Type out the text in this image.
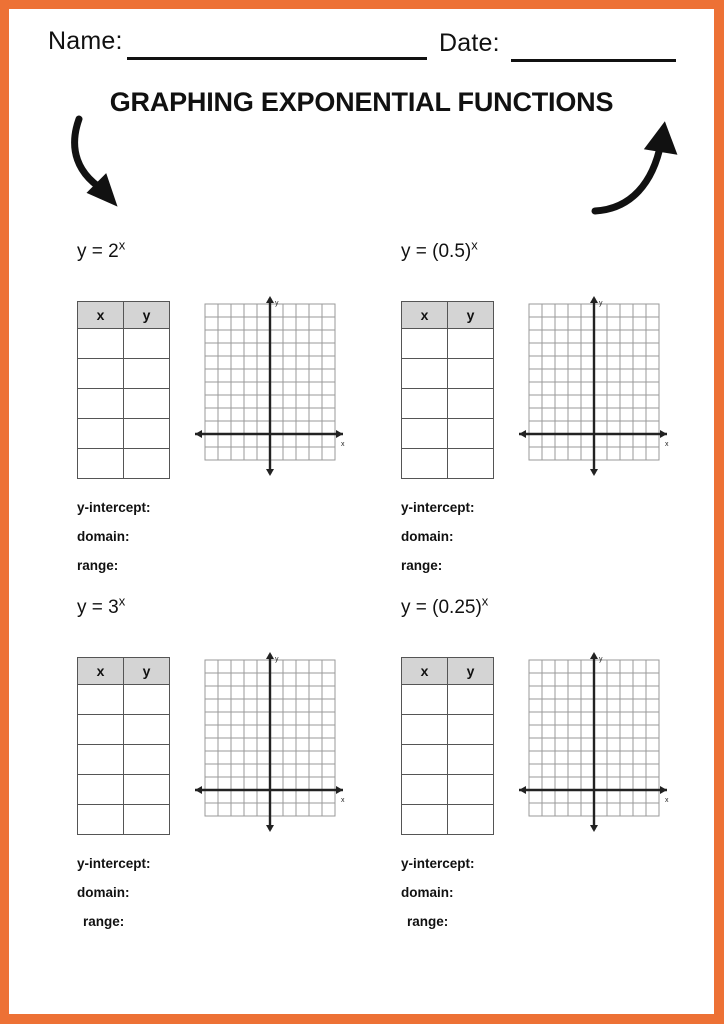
Name:	Date:
GRAPHING EXPONENTIAL FUNCTIONS
$y = 2^x$
x	y

y
x
y-intercept:
domain:
range:
$y = (0.5)^x$
x	y

y
x
y-intercept:
domain:
range:
$y = 3^x$
x	y

y
x
y-intercept:
domain:
range:
$y = (0.25)^x$
x	y

y
x
y-intercept:
domain:
range:
